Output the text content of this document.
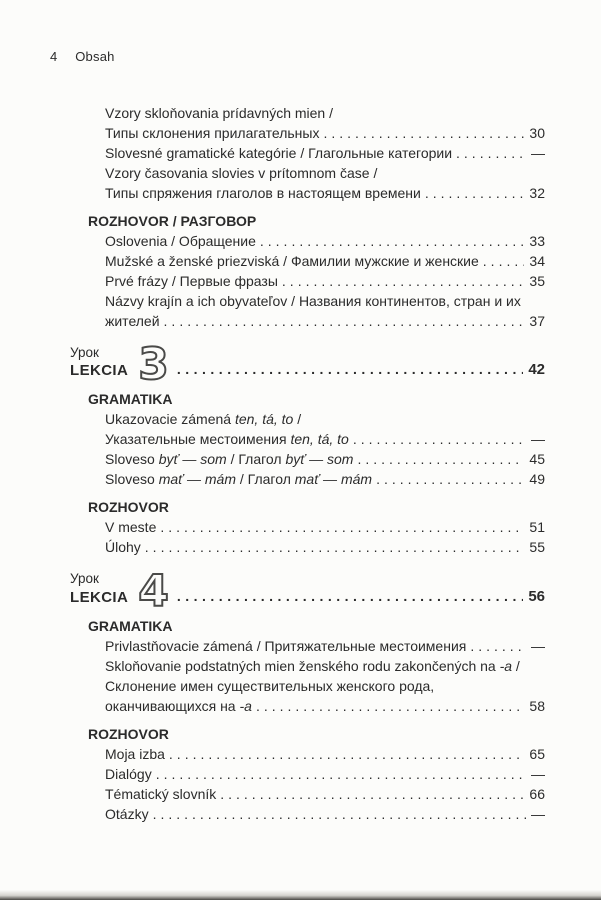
4 Obsah
Vzory skloňovania prídavných mien /
Типы склонения прилагательных .....	30
Slovesné gramatické kategórie / Глагольные категории .....	—
Vzory časovania slovies v prítomnom čase /
Типы спряжения глаголов в настоящем времени .....	32
ROZHOVOR / РАЗГОВОР
Oslovenia / Обращение .....	33
Mužské a ženské priezviská / Фамилии мужские и женские .....	34
Prvé frázy / Первые фразы .....	35
Názvy krajín a ich obyvateľov / Названия континентов, стран и их
жителей .....	37
Урок
LEKCIA 3 .....	42
GRAMATIKA
Ukazovacie zámená ten, tá, to /
Указательные местоимения ten, tá, to .....	—
Sloveso byť — som / Глагол byť — som .....	45
Sloveso mať — mám / Глагол mať — mám .....	49
ROZHOVOR
V meste .....	51
Úlohy .....	55
Урок
LEKCIA 4 .....	56
GRAMATIKA
Privlastňovacie zámená / Притяжательные местоимения .....	—
Skloňovanie podstatných mien ženského rodu zakončených na -a /
Склонение имен существительных женского рода,
оканчивающихся на -a .....	58
ROZHOVOR
Moja izba .....	65
Dialógy .....	—
Tématický slovník .....	66
Otázky .....	—
